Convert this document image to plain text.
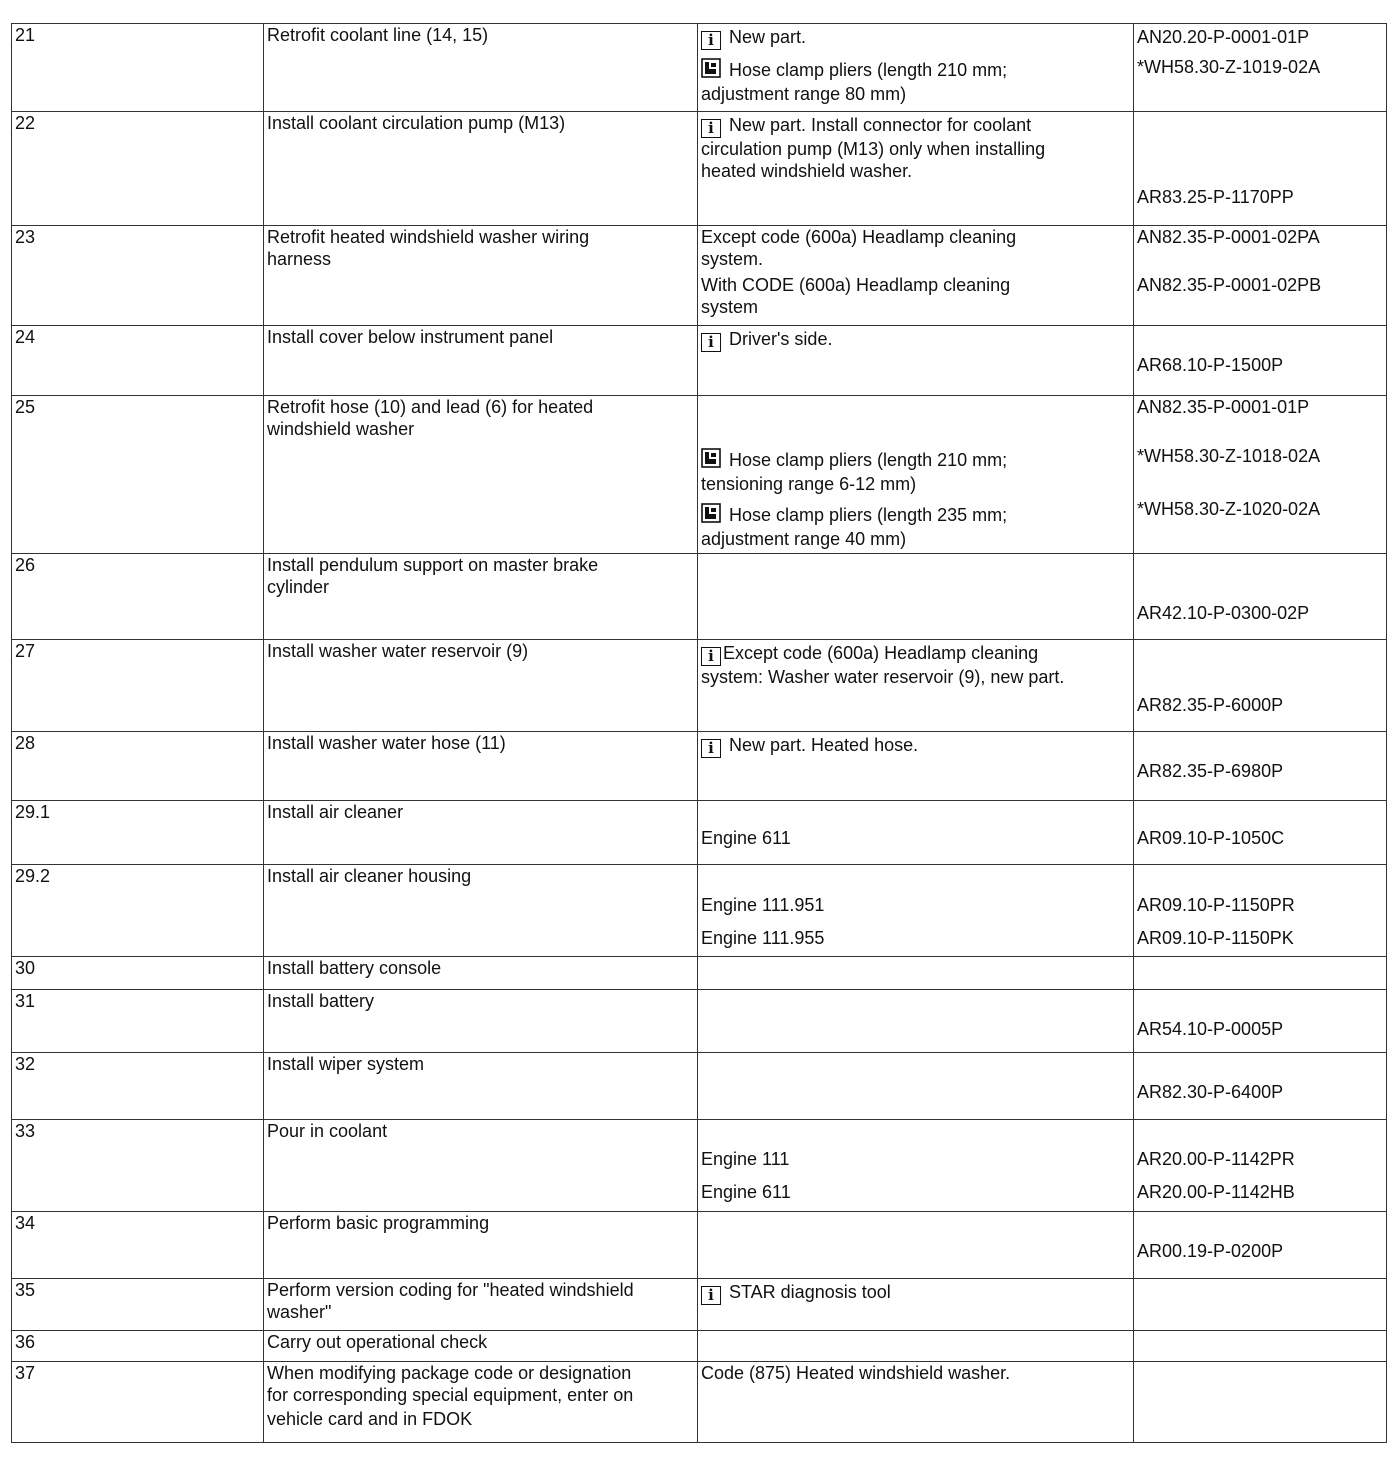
21	Retrofit coolant line (14, 15)	i New part.
Hose clamp pliers (length 210 mm;
adjustment range 80 mm)	AN20.20-P-0001-01P
*WH58.30-Z-1019-02A

22	Install coolant circulation pump (M13)	i New part. Install connector for coolant
circulation pump (M13) only when installing
heated windshield washer.	AR83.25-P-1170PP

23	Retrofit heated windshield washer wiring
harness	Except code (600a) Headlamp cleaning
system.
With CODE (600a) Headlamp cleaning
system	AN82.35-P-0001-02PA
AN82.35-P-0001-02PB

24	Install cover below instrument panel	i Driver's side.	AR68.10-P-1500P

25	Retrofit hose (10) and lead (6) for heated
windshield washer	Hose clamp pliers (length 210 mm;
tensioning range 6-12 mm)
Hose clamp pliers (length 235 mm;
adjustment range 40 mm)	AN82.35-P-0001-01P
*WH58.30-Z-1018-02A
*WH58.30-Z-1020-02A

26	Install pendulum support on master brake
cylinder		AR42.10-P-0300-02P

27	Install washer water reservoir (9)	i Except code (600a) Headlamp cleaning
system: Washer water reservoir (9), new part.	AR82.35-P-6000P

28	Install washer water hose (11)	i New part. Heated hose.	AR82.35-P-6980P

29.1	Install air cleaner	Engine 611	AR09.10-P-1050C

29.2	Install air cleaner housing	Engine 111.951
Engine 111.955	AR09.10-P-1150PR
AR09.10-P-1150PK

30	Install battery console		
31	Install battery		AR54.10-P-0005P

32	Install wiper system		AR82.30-P-6400P

33	Pour in coolant	Engine 111
Engine 611	AR20.00-P-1142PR
AR20.00-P-1142HB

34	Perform basic programming		AR00.19-P-0200P

35	Perform version coding for "heated windshield
washer"	i STAR diagnosis tool	

36	Carry out operational check		
37	When modifying package code or designation
for corresponding special equipment, enter on
vehicle card and in FDOK	Code (875) Heated windshield washer.	
